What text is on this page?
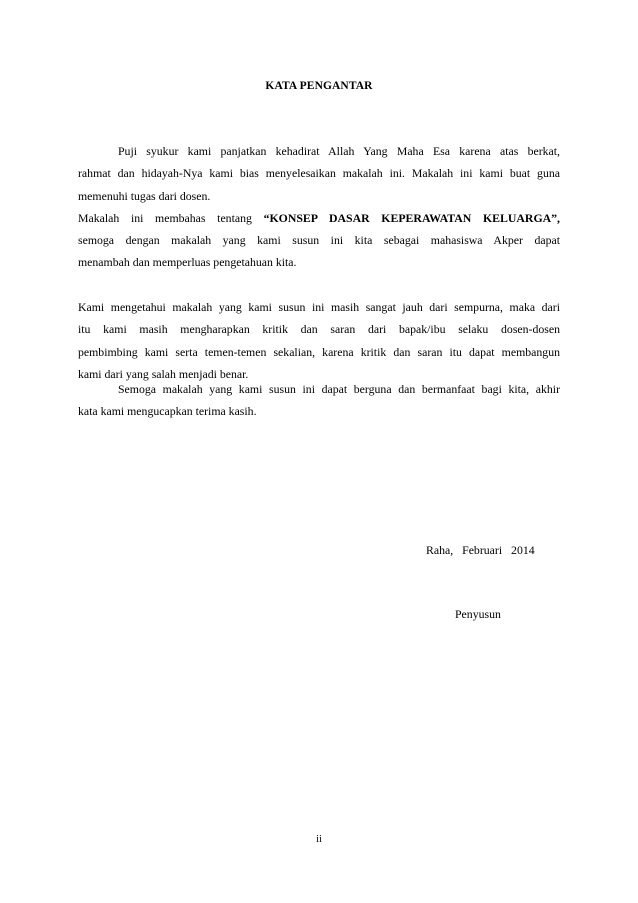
KATA PENGANTAR
Puji syukur kami panjatkan kehadirat Allah Yang Maha Esa karena atas berkat,
rahmat dan hidayah-Nya kami bias menyelesaikan makalah ini. Makalah ini kami buat guna
memenuhi tugas dari dosen.
Makalah ini membahas tentang “KONSEP DASAR KEPERAWATAN KELUARGA”,
semoga dengan makalah yang kami susun ini kita sebagai mahasiswa Akper dapat
menambah dan memperluas pengetahuan kita.
Kami mengetahui makalah yang kami susun ini masih sangat jauh dari sempurna, maka dari
itu kami masih mengharapkan kritik dan saran dari bapak/ibu selaku dosen-dosen
pembimbing kami serta temen-temen sekalian, karena kritik dan saran itu dapat membangun
kami dari yang salah menjadi benar.
Semoga makalah yang kami susun ini dapat berguna dan bermanfaat bagi kita, akhir
kata kami mengucapkan terima kasih.
Raha, Februari 2014
Penyusun
ii
